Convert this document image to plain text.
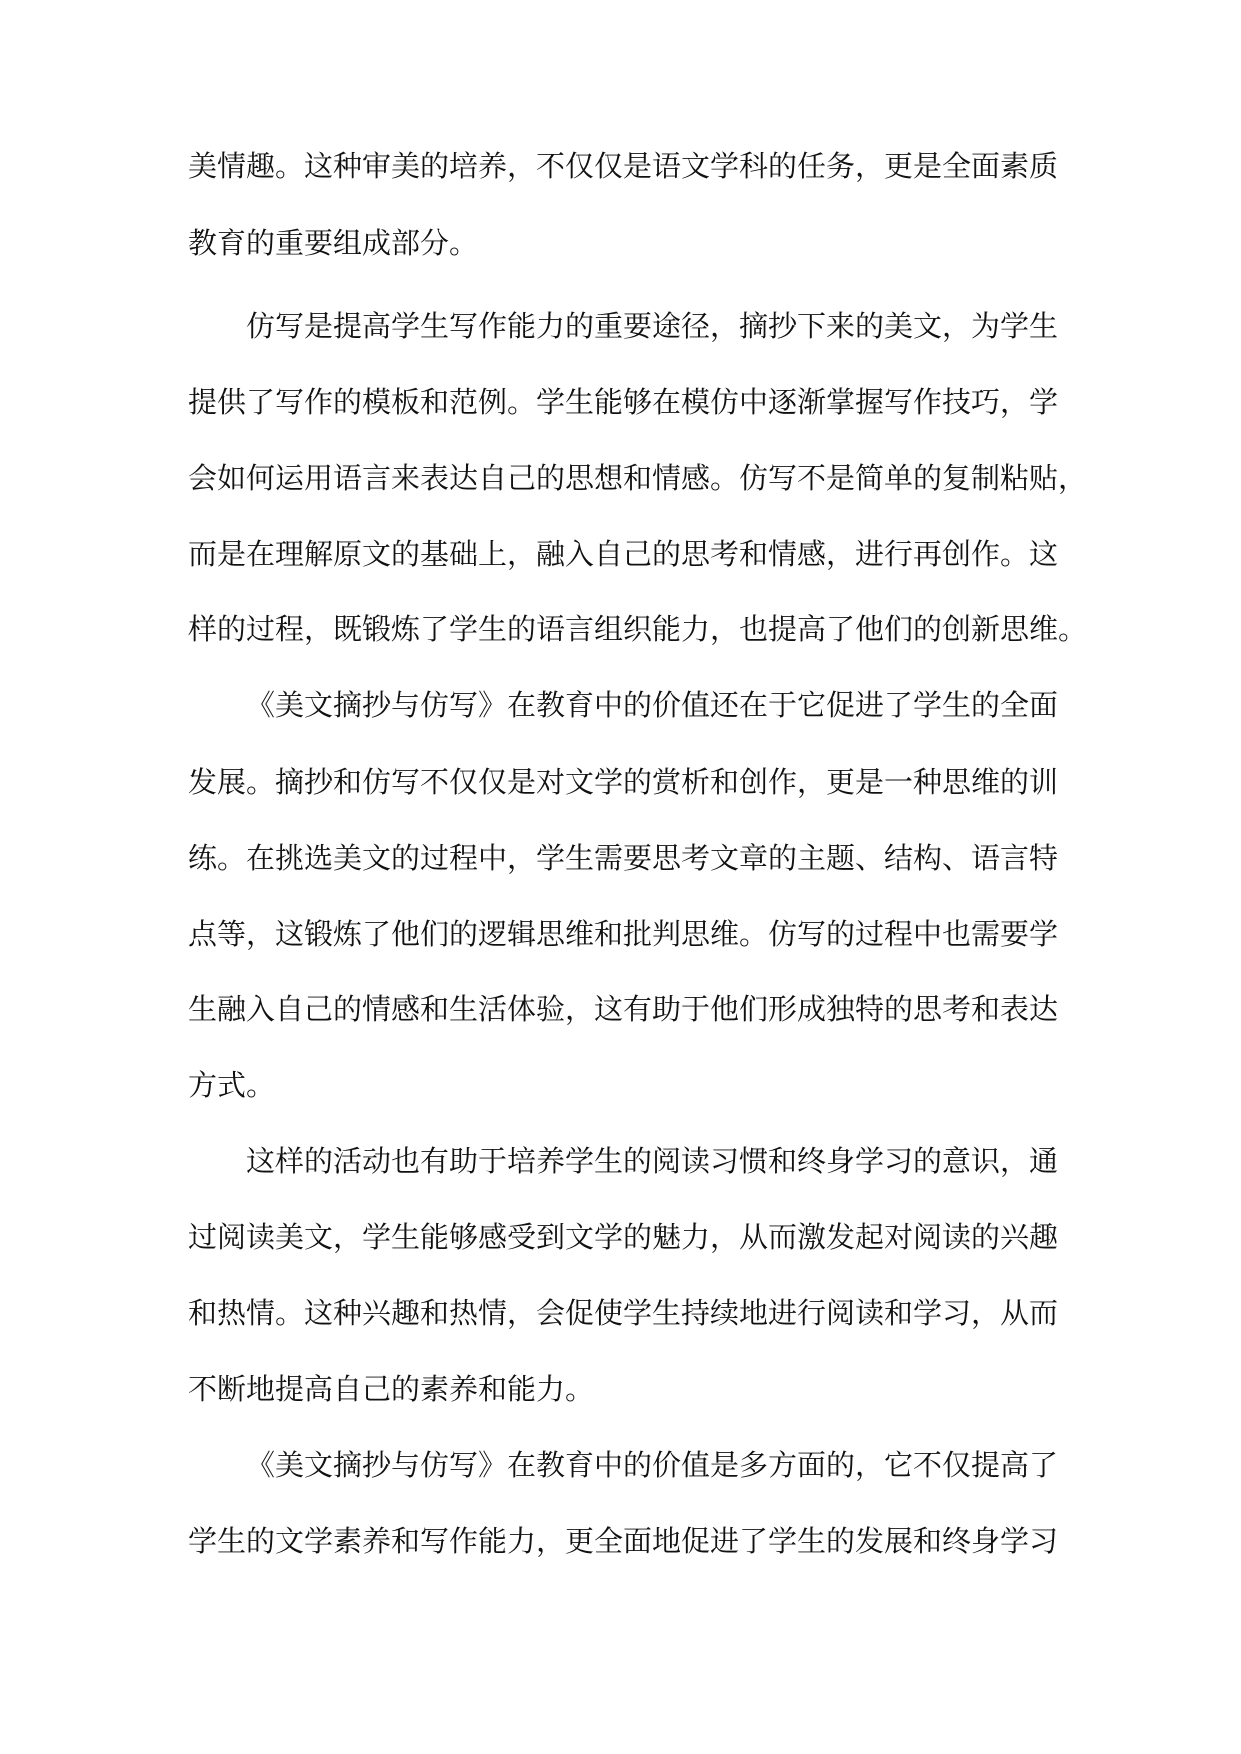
美情趣。这种审美的培养，不仅仅是语文学科的任务，更是全面素质
教育的重要组成部分。
仿写是提高学生写作能力的重要途径，摘抄下来的美文，为学生
提供了写作的模板和范例。学生能够在模仿中逐渐掌握写作技巧，学
会如何运用语言来表达自己的思想和情感。仿写不是简单的复制粘贴，
而是在理解原文的基础上，融入自己的思考和情感，进行再创作。这
样的过程，既锻炼了学生的语言组织能力，也提高了他们的创新思维。
《美文摘抄与仿写》在教育中的价值还在于它促进了学生的全面
发展。摘抄和仿写不仅仅是对文学的赏析和创作，更是一种思维的训
练。在挑选美文的过程中，学生需要思考文章的主题、结构、语言特
点等，这锻炼了他们的逻辑思维和批判思维。仿写的过程中也需要学
生融入自己的情感和生活体验，这有助于他们形成独特的思考和表达
方式。
这样的活动也有助于培养学生的阅读习惯和终身学习的意识，通
过阅读美文，学生能够感受到文学的魅力，从而激发起对阅读的兴趣
和热情。这种兴趣和热情，会促使学生持续地进行阅读和学习，从而
不断地提高自己的素养和能力。
《美文摘抄与仿写》在教育中的价值是多方面的，它不仅提高了
学生的文学素养和写作能力，更全面地促进了学生的发展和终身学习
